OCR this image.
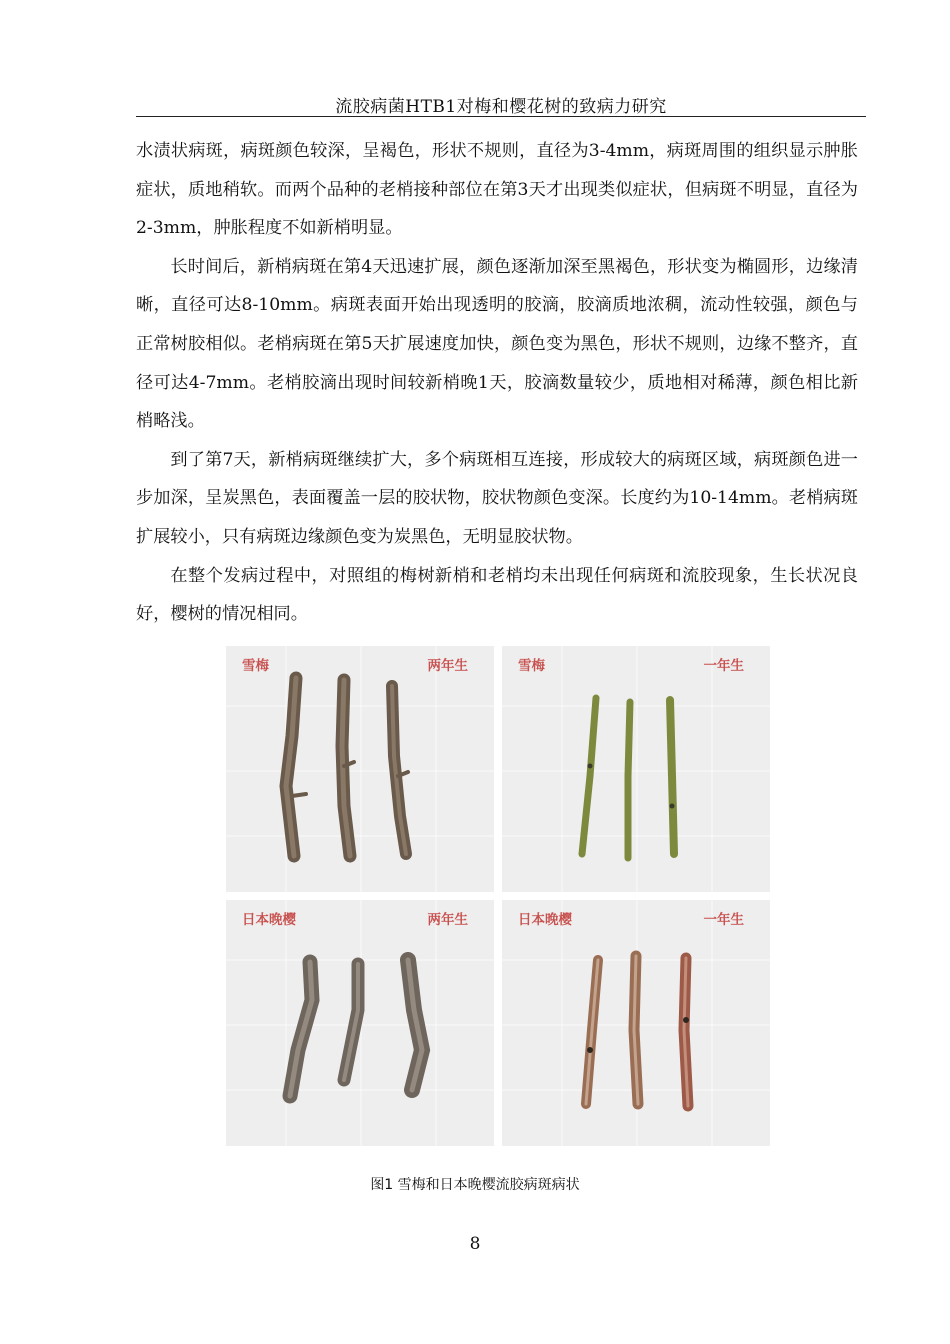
流胶病菌HTB1对梅和樱花树的致病力研究

水渍状病斑，病斑颜色较深，呈褐色，形状不规则，直径为3-4mm，病斑周围的组织显示肿胀症状，质地稍软。而两个品种的老梢接种部位在第3天才出现类似症状，但病斑不明显，直径为2-3mm，肿胀程度不如新梢明显。

长时间后，新梢病斑在第4天迅速扩展，颜色逐渐加深至黑褐色，形状变为椭圆形，边缘清晰，直径可达8-10mm。病斑表面开始出现透明的胶滴，胶滴质地浓稠，流动性较强，颜色与正常树胶相似。老梢病斑在第5天扩展速度加快，颜色变为黑色，形状不规则，边缘不整齐，直径可达4-7mm。老梢胶滴出现时间较新梢晚1天，胶滴数量较少，质地相对稀薄，颜色相比新梢略浅。

到了第7天，新梢病斑继续扩大，多个病斑相互连接，形成较大的病斑区域，病斑颜色进一步加深，呈炭黑色，表面覆盖一层的胶状物，胶状物颜色变深。长度约为10-14mm。老梢病斑扩展较小，只有病斑边缘颜色变为炭黑色，无明显胶状物。

在整个发病过程中，对照组的梅树新梢和老梢均未出现任何病斑和流胶现象，生长状况良好，樱树的情况相同。

雪梅	两年生	雪梅	一年生
日本晚樱	两年生	日本晚樱	一年生
图1 雪梅和日本晚樱流胶病斑病状
8
